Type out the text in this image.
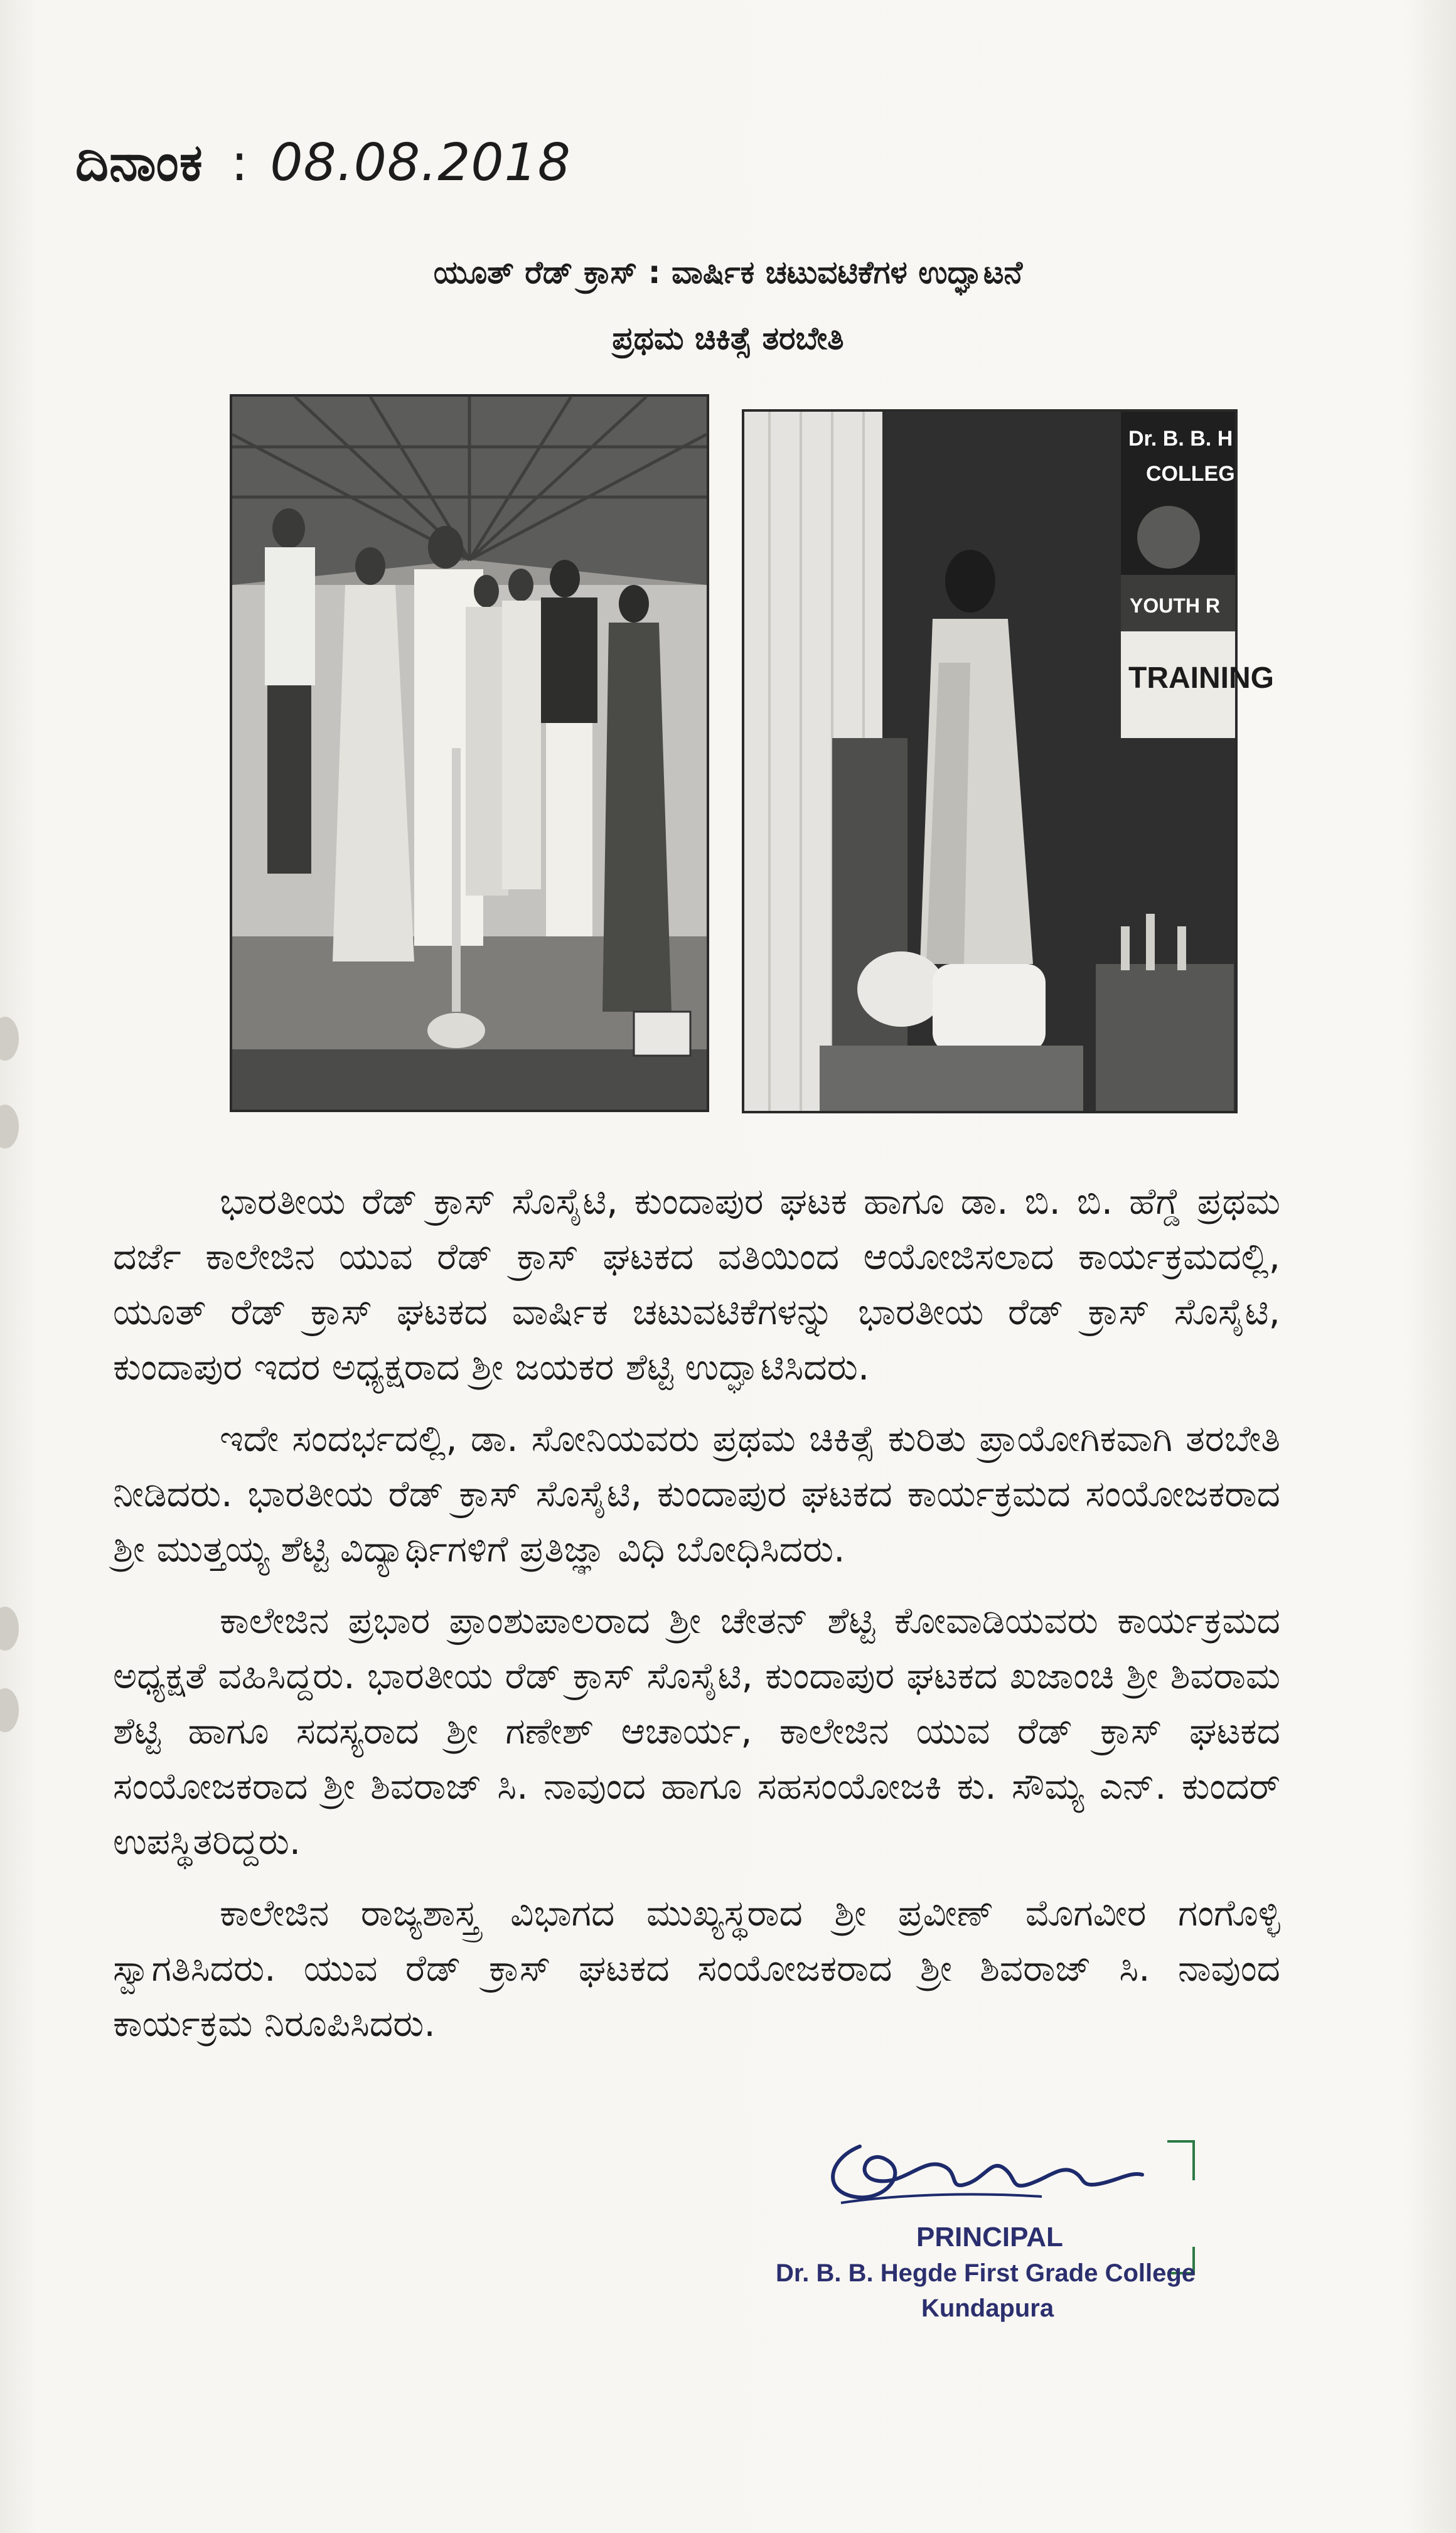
ದಿನಾಂಕ : 08.08.2018
ಯೂತ್ ರೆಡ್ ಕ್ರಾಸ್ : ವಾರ್ಷಿಕ ಚಟುವಟಿಕೆಗಳ ಉದ್ಘಾಟನೆ
ಪ್ರಥಮ ಚಿಕಿತ್ಸೆ ತರಬೇತಿ
Dr. B. B. H
COLLEG
YOUTH R
TRAINING

ಭಾರತೀಯ ರೆಡ್ ಕ್ರಾಸ್ ಸೊಸೈಟಿ, ಕುಂದಾಪುರ ಘಟಕ ಹಾಗೂ ಡಾ. ಬಿ. ಬಿ. ಹೆಗ್ಡೆ ಪ್ರಥಮ ದರ್ಜೆ ಕಾಲೇಜಿನ ಯುವ ರೆಡ್ ಕ್ರಾಸ್ ಘಟಕದ ವತಿಯಿಂದ ಆಯೋಜಿಸಲಾದ ಕಾರ್ಯಕ್ರಮದಲ್ಲಿ, ಯೂತ್ ರೆಡ್ ಕ್ರಾಸ್ ಘಟಕದ ವಾರ್ಷಿಕ ಚಟುವಟಿಕೆಗಳನ್ನು ಭಾರತೀಯ ರೆಡ್ ಕ್ರಾಸ್ ಸೊಸೈಟಿ, ಕುಂದಾಪುರ ಇದರ ಅಧ್ಯಕ್ಷರಾದ ಶ್ರೀ ಜಯಕರ ಶೆಟ್ಟಿ ಉದ್ಘಾಟಿಸಿದರು.

ಇದೇ ಸಂದರ್ಭದಲ್ಲಿ, ಡಾ. ಸೋನಿಯವರು ಪ್ರಥಮ ಚಿಕಿತ್ಸೆ ಕುರಿತು ಪ್ರಾಯೋಗಿಕವಾಗಿ ತರಬೇತಿ ನೀಡಿದರು. ಭಾರತೀಯ ರೆಡ್ ಕ್ರಾಸ್ ಸೊಸೈಟಿ, ಕುಂದಾಪುರ ಘಟಕದ ಕಾರ್ಯಕ್ರಮದ ಸಂಯೋಜಕರಾದ ಶ್ರೀ ಮುತ್ತಯ್ಯ ಶೆಟ್ಟಿ ವಿದ್ಯಾರ್ಥಿಗಳಿಗೆ ಪ್ರತಿಜ್ಞಾ ವಿಧಿ ಬೋಧಿಸಿದರು.

ಕಾಲೇಜಿನ ಪ್ರಭಾರ ಪ್ರಾಂಶುಪಾಲರಾದ ಶ್ರೀ ಚೇತನ್ ಶೆಟ್ಟಿ ಕೋವಾಡಿಯವರು ಕಾರ್ಯಕ್ರಮದ ಅಧ್ಯಕ್ಷತೆ ವಹಿಸಿದ್ದರು. ಭಾರತೀಯ ರೆಡ್ ಕ್ರಾಸ್ ಸೊಸೈಟಿ, ಕುಂದಾಪುರ ಘಟಕದ ಖಜಾಂಚಿ ಶ್ರೀ ಶಿವರಾಮ ಶೆಟ್ಟಿ ಹಾಗೂ ಸದಸ್ಯರಾದ ಶ್ರೀ ಗಣೇಶ್ ಆಚಾರ್ಯ, ಕಾಲೇಜಿನ ಯುವ ರೆಡ್ ಕ್ರಾಸ್ ಘಟಕದ ಸಂಯೋಜಕರಾದ ಶ್ರೀ ಶಿವರಾಜ್ ಸಿ. ನಾವುಂದ ಹಾಗೂ ಸಹಸಂಯೋಜಕಿ ಕು. ಸೌಮ್ಯ ಎನ್. ಕುಂದರ್ ಉಪಸ್ಥಿತರಿದ್ದರು.

ಕಾಲೇಜಿನ ರಾಜ್ಯಶಾಸ್ತ್ರ ವಿಭಾಗದ ಮುಖ್ಯಸ್ಥರಾದ ಶ್ರೀ ಪ್ರವೀಣ್ ಮೊಗವೀರ ಗಂಗೊಳ್ಳಿ ಸ್ವಾಗತಿಸಿದರು. ಯುವ ರೆಡ್ ಕ್ರಾಸ್ ಘಟಕದ ಸಂಯೋಜಕರಾದ ಶ್ರೀ ಶಿವರಾಜ್ ಸಿ. ನಾವುಂದ ಕಾರ್ಯಕ್ರಮ ನಿರೂಪಿಸಿದರು.

PRINCIPAL
Dr. B. B. Hegde First Grade College
Kundapura
